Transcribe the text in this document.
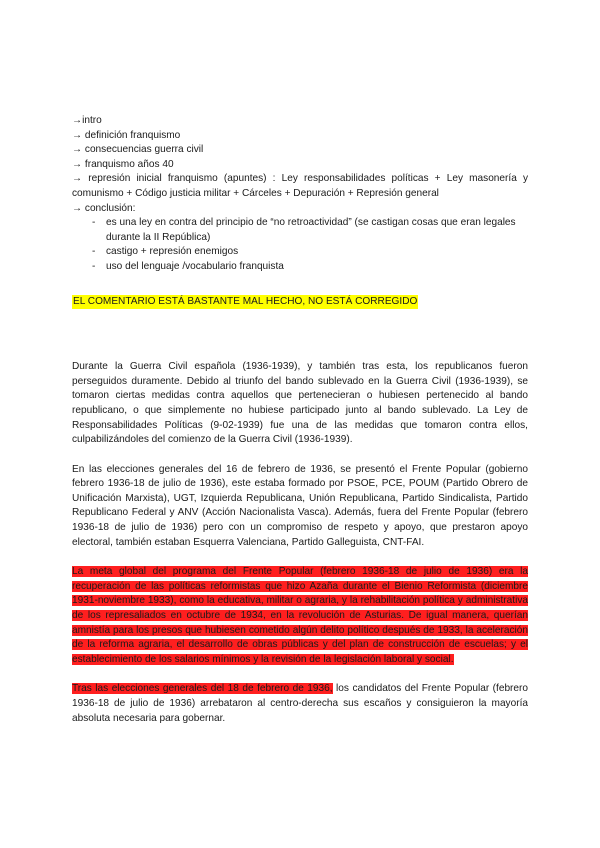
→intro

→ definición franquismo

→ consecuencias guerra civil

→ franquismo años 40

→ represión inicial franquismo (apuntes) : Ley responsabilidades políticas + Ley masonería y comunismo + Código justicia militar + Cárceles + Depuración + Represión general

→ conclusión:

- es una ley en contra del principio de “no retroactividad” (se castigan cosas que eran legales durante la II República)
- castigo + represión enemigos
- uso del lenguaje /vocabulario franquista
EL COMENTARIO ESTÁ BASTANTE MAL HECHO, NO ESTÁ CORREGIDO

Durante la Guerra Civil española (1936-1939), y también tras esta, los republicanos fueron perseguidos duramente. Debido al triunfo del bando sublevado en la Guerra Civil (1936-1939), se tomaron ciertas medidas contra aquellos que pertenecieran o hubiesen pertenecido al bando republicano, o que simplemente no hubiese participado junto al bando sublevado. La Ley de Responsabilidades Políticas (9-02-1939) fue una de las medidas que tomaron contra ellos, culpabilizándoles del comienzo de la Guerra Civil (1936-1939).

En las elecciones generales del 16 de febrero de 1936, se presentó el Frente Popular (gobierno febrero 1936-18 de julio de 1936), este estaba formado por PSOE, PCE, POUM (Partido Obrero de Unificación Marxista), UGT, Izquierda Republicana, Unión Republicana, Partido Sindicalista, Partido Republicano Federal y ANV (Acción Nacionalista Vasca). Además, fuera del Frente Popular (febrero 1936-18 de julio de 1936) pero con un compromiso de respeto y apoyo, que prestaron apoyo electoral, también estaban Esquerra Valenciana, Partido Galleguista, CNT-FAI.

La meta global del programa del Frente Popular (febrero 1936-18 de julio de 1936) era la recuperación de las políticas reformistas que hizo Azaña durante el Bienio Reformista (diciembre 1931-noviembre 1933), como la educativa, militar o agraria, y la rehabilitación política y administrativa de los represaliados en octubre de 1934, en la revolución de Asturias. De igual manera, querían amnistía para los presos que hubiesen cometido algún delito político después de 1933, la aceleración de la reforma agraria, el desarrollo de obras públicas y del plan de construcción de escuelas; y el establecimiento de los salarios mínimos y la revisión de la legislación laboral y social.

Tras las elecciones generales del 18 de febrero de 1936, los candidatos del Frente Popular (febrero 1936-18 de julio de 1936) arrebataron al centro-derecha sus escaños y consiguieron la mayoría absoluta necesaria para gobernar.
